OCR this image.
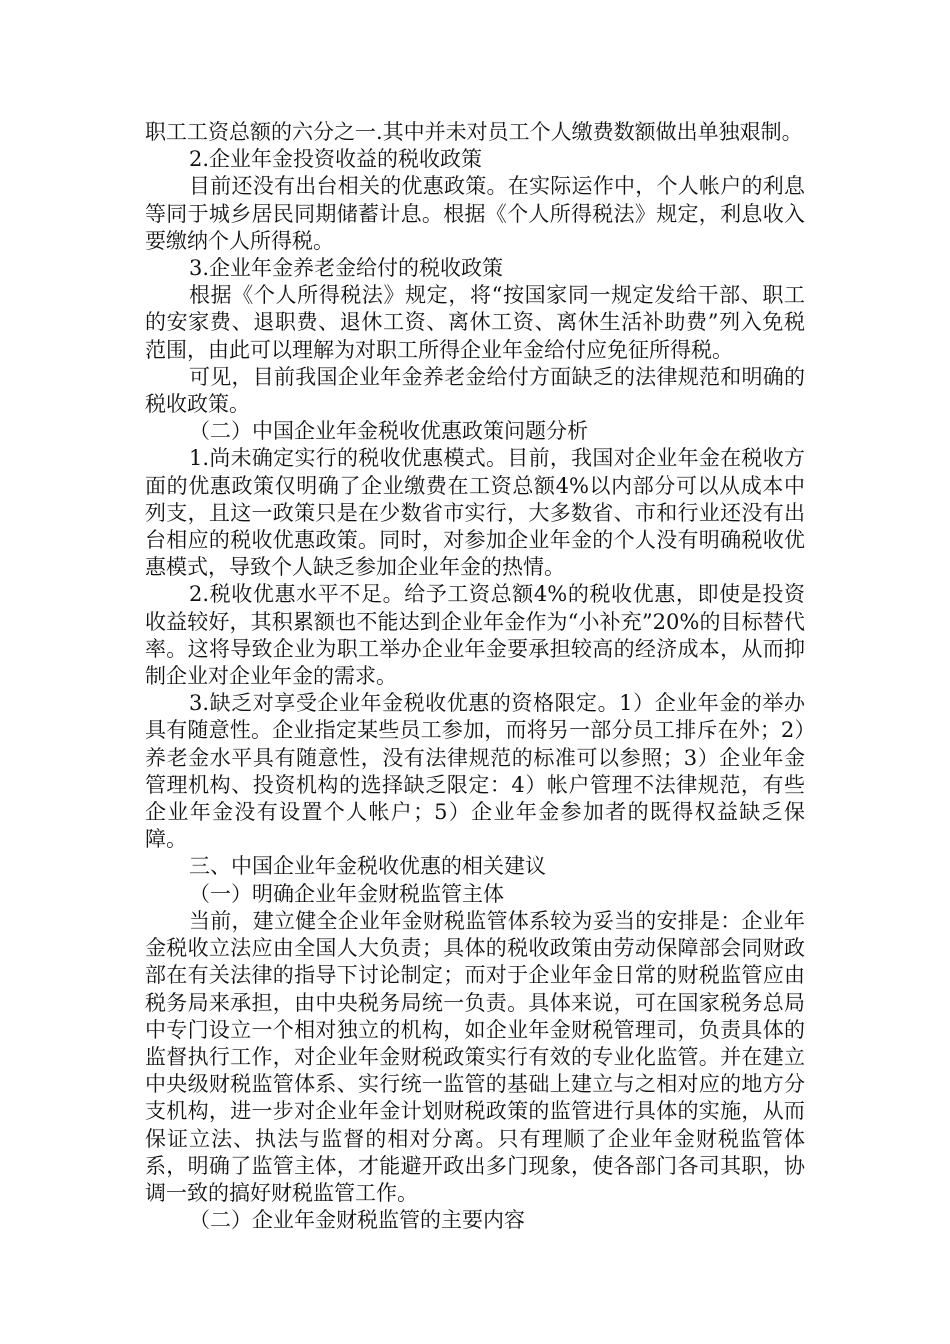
职工工资总额的六分之一.其中并未对员工个人缴费数额做出单独艰制。

2.企业年金投资收益的税收政策

目前还没有出台相关的优惠政策。在实际运作中，个人帐户的利息等同于城乡居民同期储蓄计息。根据《个人所得税法》规定，利息收入要缴纳个人所得税。

3.企业年金养老金给付的税收政策

根据《个人所得税法》规定，将“按国家同一规定发给干部、职工的安家费、退职费、退休工资、离休工资、离休生活补助费”列入免税范围，由此可以理解为对职工所得企业年金给付应免征所得税。

可见，目前我国企业年金养老金给付方面缺乏的法律规范和明确的税收政策。

（二）中国企业年金税收优惠政策问题分析

1.尚未确定实行的税收优惠模式。目前，我国对企业年金在税收方面的优惠政策仅明确了企业缴费在工资总额4%以内部分可以从成本中列支，且这一政策只是在少数省市实行，大多数省、市和行业还没有出台相应的税收优惠政策。同时，对参加企业年金的个人没有明确税收优惠模式，导致个人缺乏参加企业年金的热情。

2.税收优惠水平不足。给予工资总额4%的税收优惠，即使是投资收益较好，其积累额也不能达到企业年金作为“小补充”20%的目标替代率。这将导致企业为职工举办企业年金要承担较高的经济成本，从而抑制企业对企业年金的需求。

3.缺乏对享受企业年金税收优惠的资格限定。1）企业年金的举办具有随意性。企业指定某些员工参加，而将另一部分员工排斥在外；2）养老金水平具有随意性，没有法律规范的标准可以参照；3）企业年金管理机构、投资机构的选择缺乏限定：4）帐户管理不法律规范，有些企业年金没有设置个人帐户；5）企业年金参加者的既得权益缺乏保障。

三、中国企业年金税收优惠的相关建议

（一）明确企业年金财税监管主体

当前，建立健全企业年金财税监管体系较为妥当的安排是：企业年金税收立法应由全国人大负责；具体的税收政策由劳动保障部会同财政部在有关法律的指导下讨论制定；而对于企业年金日常的财税监管应由税务局来承担，由中央税务局统一负责。具体来说，可在国家税务总局中专门设立一个相对独立的机构，如企业年金财税管理司，负责具体的监督执行工作，对企业年金财税政策实行有效的专业化监管。并在建立中央级财税监管体系、实行统一监管的基础上建立与之相对应的地方分支机构，进一步对企业年金计划财税政策的监管进行具体的实施，从而保证立法、执法与监督的相对分离。只有理顺了企业年金财税监管体系，明确了监管主体，才能避开政出多门现象，使各部门各司其职，协调一致的搞好财税监管工作。

（二）企业年金财税监管的主要内容
